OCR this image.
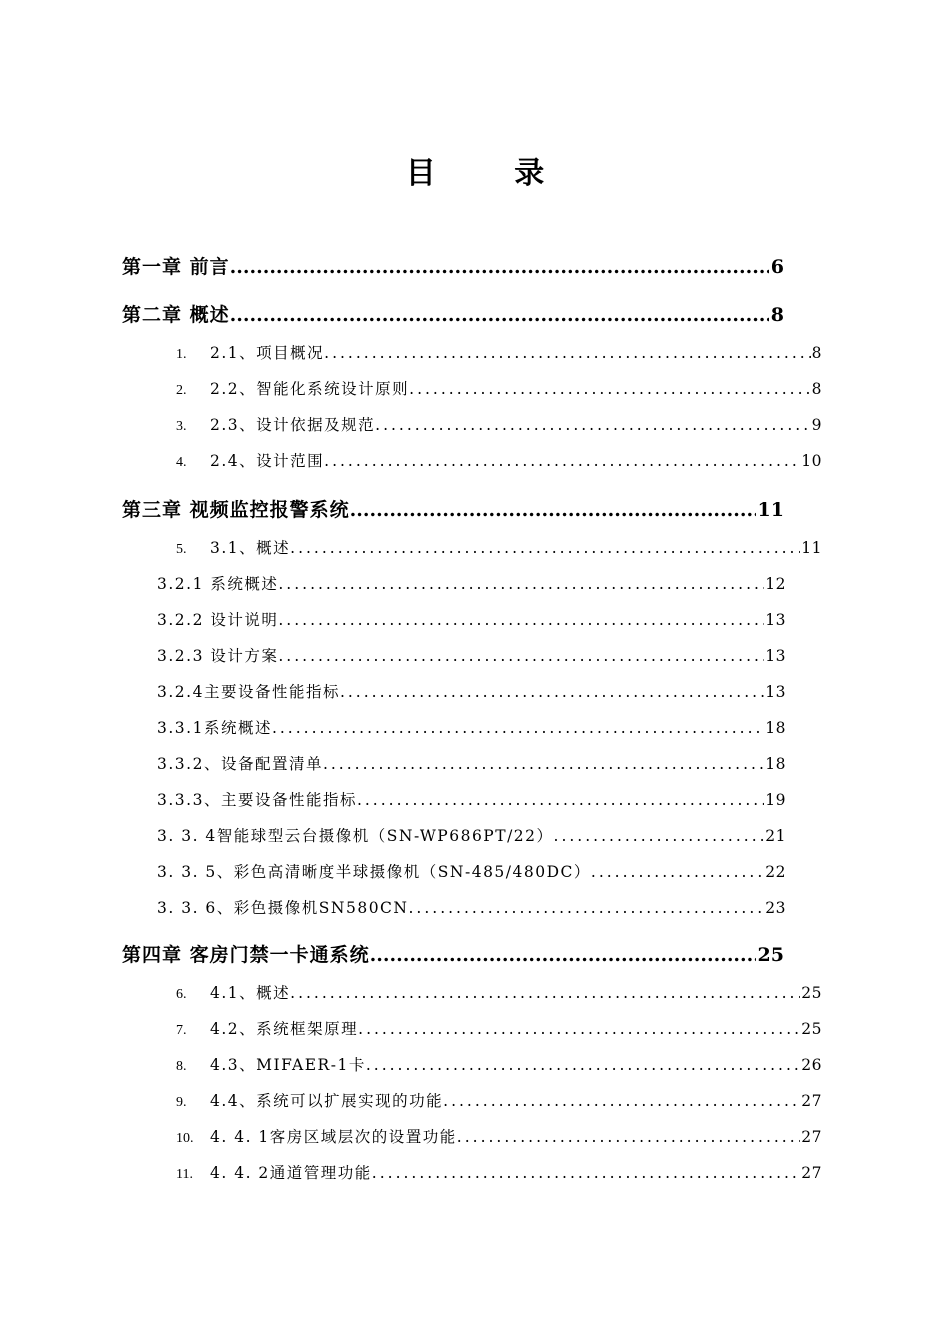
目 录
第一章 前言 .....	6
第二章 概述 .....	8
1.	2.1、项目概况 .....	8
2.	2.2、智能化系统设计原则 .....	8
3.	2.3、设计依据及规范 .....	9
4.	2.4、设计范围 .....	10
第三章 视频监控报警系统 .....	11
5.	3.1、概述 .....	11
3.2.1 系统概述 .....	12
3.2.2 设计说明 .....	13
3.2.3 设计方案 .....	13
3.2.4主要设备性能指标 .....	13
3.3.1系统概述 .....	18
3.3.2、设备配置清单 .....	18
3.3.3、主要设备性能指标 .....	19
3. 3. 4智能球型云台摄像机（SN-WP686PT/22） .....	21
3. 3. 5、彩色高清晰度半球摄像机（SN-485/480DC） .....	22
3. 3. 6、彩色摄像机SN580CN .....	23
第四章 客房门禁一卡通系统 .....	25
6.	4.1、概述 .....	25
7.	4.2、系统框架原理 .....	25
8.	4.3、MIFAER-1卡 .....	26
9.	4.4、系统可以扩展实现的功能 .....	27
10.	4. 4. 1客房区域层次的设置功能 .....	27
11.	4. 4. 2通道管理功能 .....	27
